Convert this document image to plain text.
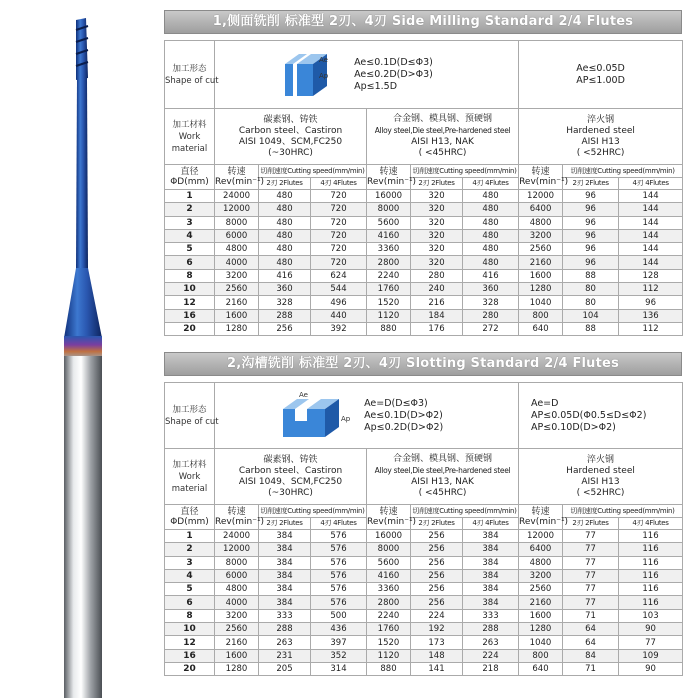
1,侧面铣削 标准型 2刃、4刃 Side Milling Standard 2/4 Flutes
加工形态
Shape of cut	Ae
Ap
Ae≤0.1D(D≤Φ3)
Ae≤0.2D(D>Φ3)
Ap≤1.5D						Ae≤0.05D
AP≤1.00D		
加工材料
Work
material	碳素钢、铸铁
Carbon steel、Castiron
AISI 1049、SCM,FC250
(~30HRC)			合金钢、模具钢、预硬钢
Alloy steel,Die steel,Pre-hardened steel
AISI H13, NAK
( <45HRC)			淬火钢
Hardened steel
AISI H13
( <52HRC)		
直径
ΦD(mm)	转速
Rev(min⁻¹)	切削速度Cutting speed(mm/min)		转速
Rev(min⁻¹)	切削速度Cutting speed(mm/min)		转速
Rev(min⁻¹)	切削速度Cutting speed(mm/min)	
		2刃 2Flutes	4刃 4Flutes		2刃 2Flutes	4刃 4Flutes		2刃 2Flutes	4刃 4Flutes
1	24000	480	720	16000	320	480	12000	96	144
2	12000	480	720	8000	320	480	6400	96	144
3	8000	480	720	5600	320	480	4800	96	144
4	6000	480	720	4160	320	480	3200	96	144
5	4800	480	720	3360	320	480	2560	96	144
6	4000	480	720	2800	320	480	2160	96	144
8	3200	416	624	2240	280	416	1600	88	128
10	2560	360	544	1760	240	360	1280	80	112
12	2160	328	496	1520	216	328	1040	80	96
16	1600	288	440	1120	184	280	800	104	136
20	1280	256	392	880	176	272	640	88	112
2,沟槽铣削 标准型 2刃、4刃 Slotting Standard 2/4 Flutes
加工形态
Shape of cut	Ae
Ap
Ae=D(D≤Φ3)
Ae≤0.1D(D>Φ2)
Ap≤0.2D(D>Φ2)						Ae=D
AP≤0.05D(Φ0.5≤D≤Φ2)
AP≤0.10D(D>Φ2)		
加工材料
Work
material	碳素钢、铸铁
Carbon steel、Castiron
AISI 1049、SCM,FC250
(~30HRC)			合金钢、模具钢、预硬钢
Alloy steel,Die steel,Pre-hardened steel
AISI H13, NAK
( <45HRC)			淬火钢
Hardened steel
AISI H13
( <52HRC)		
直径
ΦD(mm)	转速
Rev(min⁻¹)	切削速度Cutting speed(mm/min)		转速
Rev(min⁻¹)	切削速度Cutting speed(mm/min)		转速
Rev(min⁻¹)	切削速度Cutting speed(mm/min)	
		2刃 2Flutes	4刃 4Flutes		2刃 2Flutes	4刃 4Flutes		2刃 2Flutes	4刃 4Flutes
1	24000	384	576	16000	256	384	12000	77	116
2	12000	384	576	8000	256	384	6400	77	116
3	8000	384	576	5600	256	384	4800	77	116
4	6000	384	576	4160	256	384	3200	77	116
5	4800	384	576	3360	256	384	2560	77	116
6	4000	384	576	2800	256	384	2160	77	116
8	3200	333	500	2240	224	333	1600	71	103
10	2560	288	436	1760	192	288	1280	64	90
12	2160	263	397	1520	173	263	1040	64	77
16	1600	231	352	1120	148	224	800	84	109
20	1280	205	314	880	141	218	640	71	90
